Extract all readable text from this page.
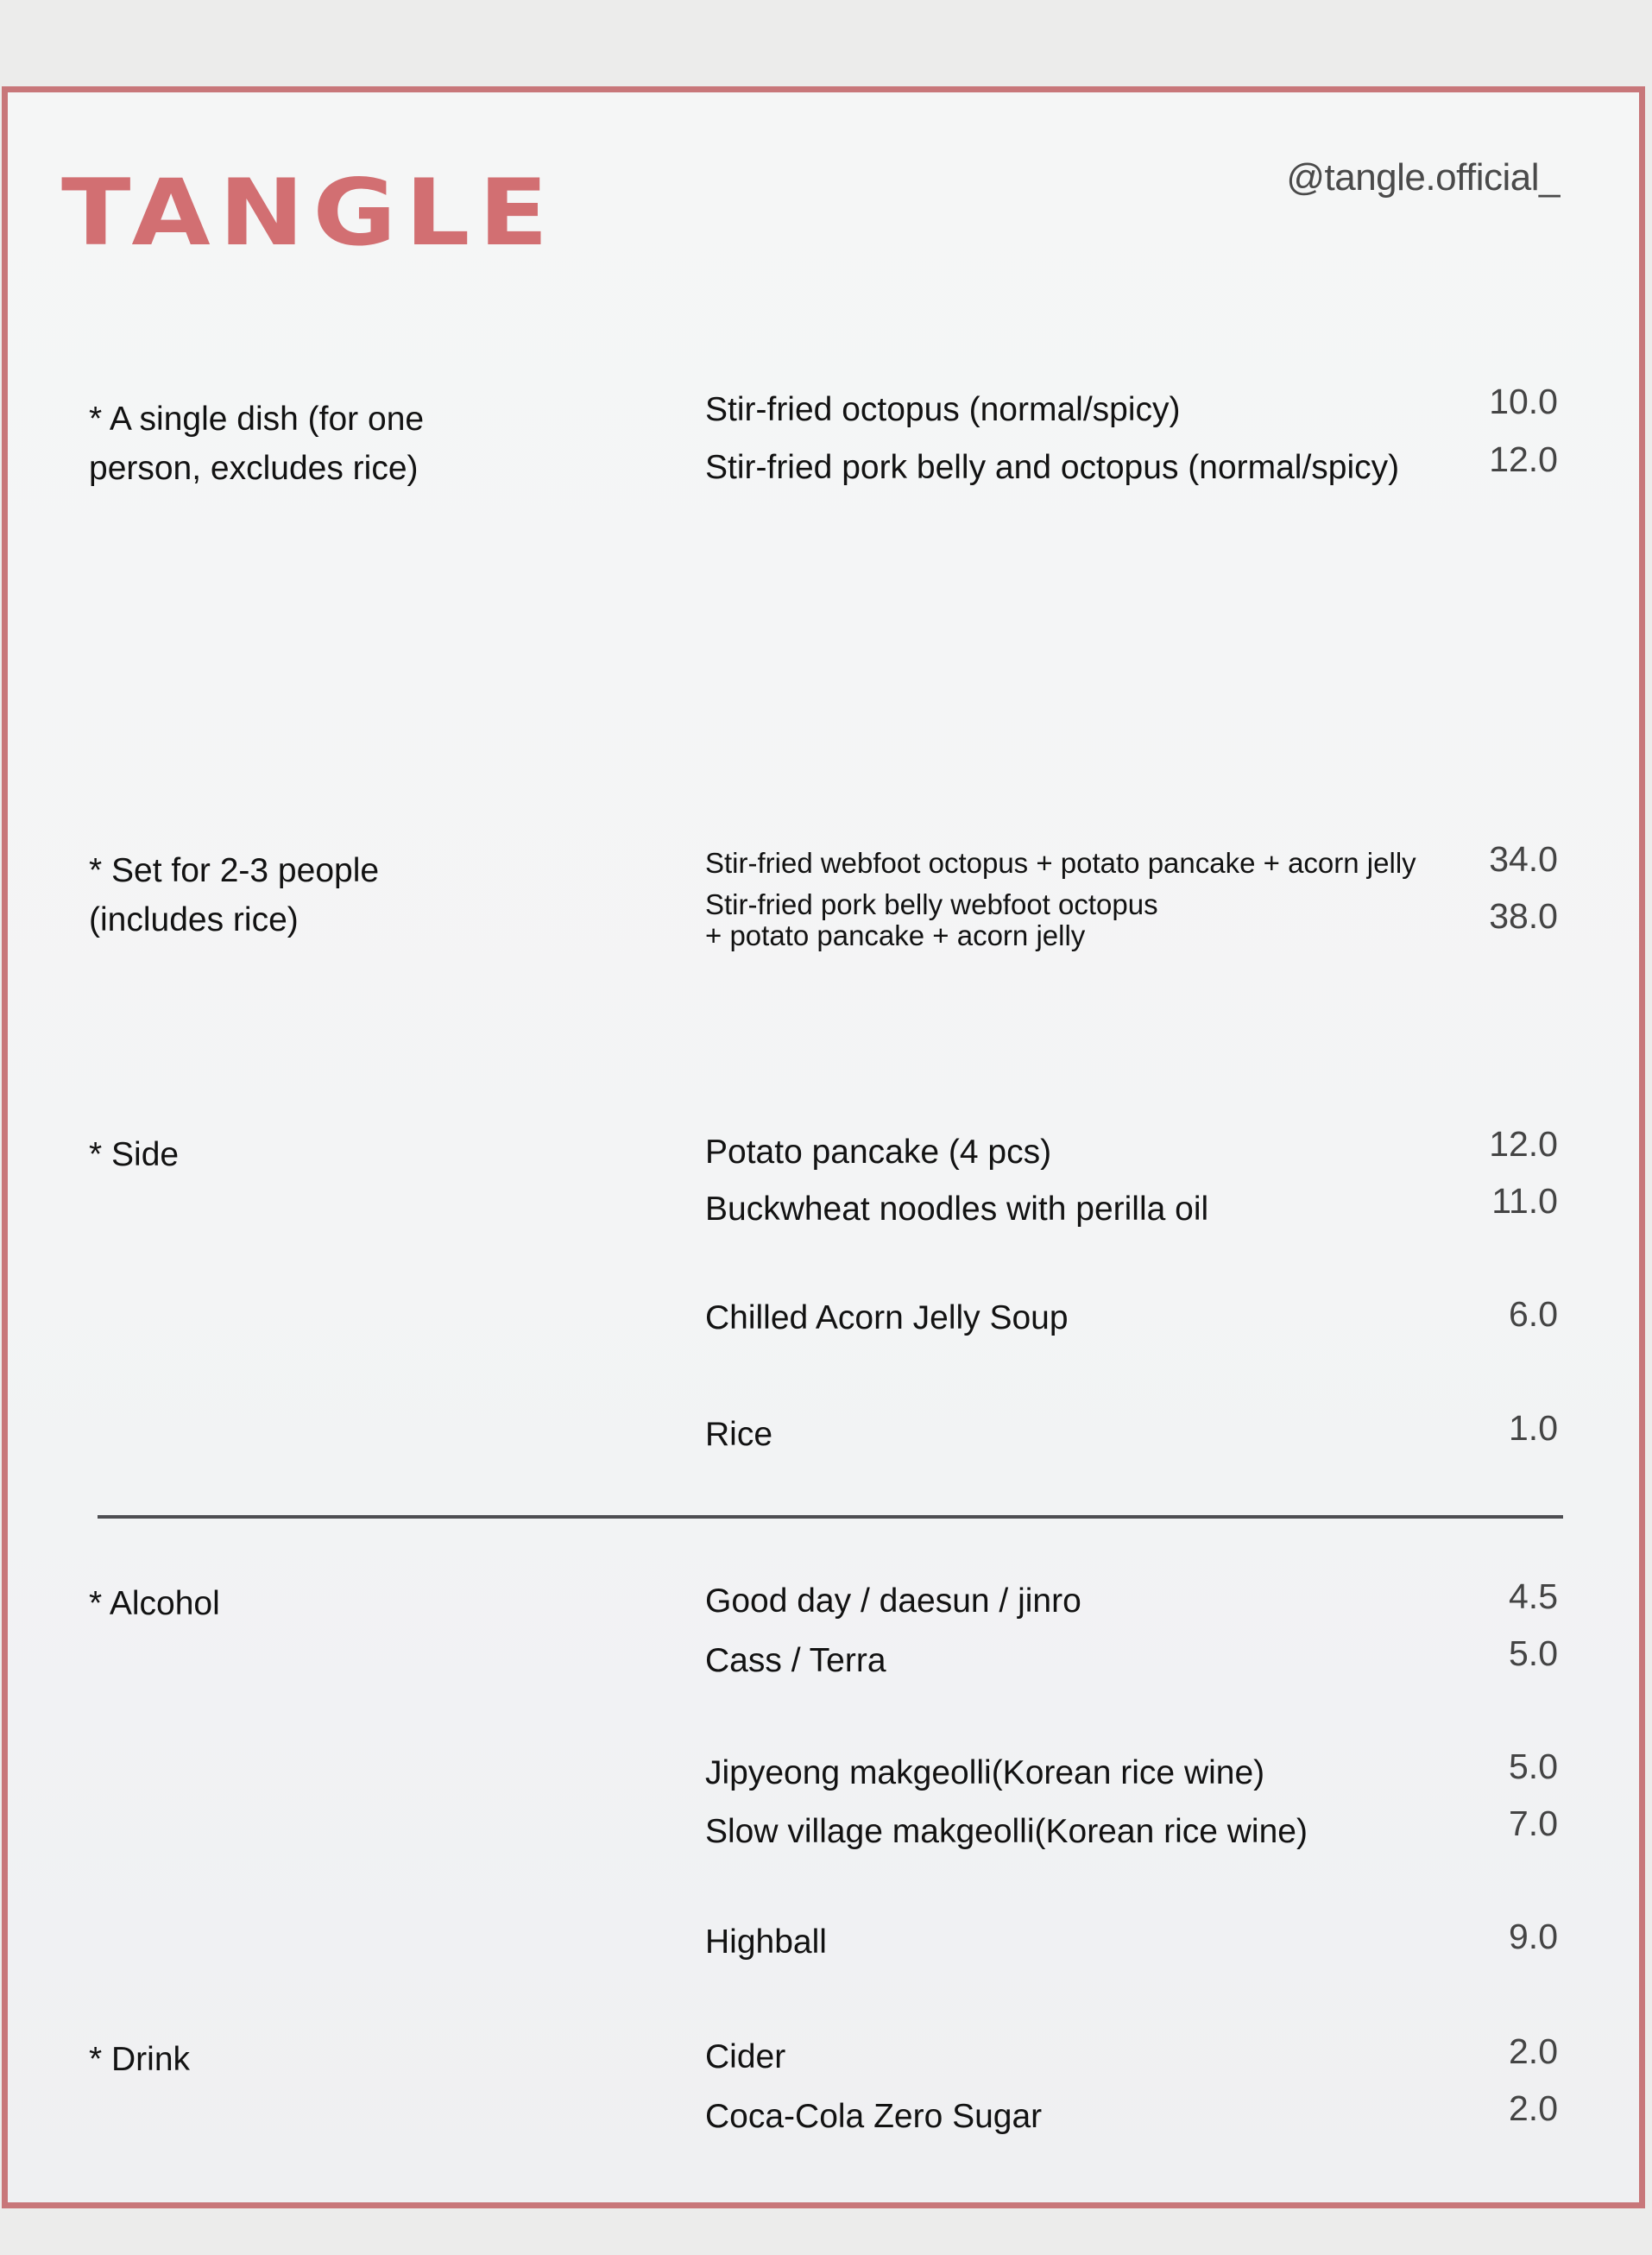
TANGLE	@tangle.official_
* A single dish (for one
person, excludes rice)
Stir-fried octopus (normal/spicy)	10.0
Stir-fried pork belly and octopus (normal/spicy)	12.0
* Set for 2-3 people
(includes rice)
Stir-fried webfoot octopus + potato pancake + acorn jelly 34.0
Stir-fried pork belly webfoot octopus
+ potato pancake + acorn jelly	38.0
* Side	Potato pancake (4 pcs)	12.0
Buckwheat noodles with perilla oil	11.0
Chilled Acorn Jelly Soup	6.0
Rice	1.0
* Alcohol	Good day / daesun / jinro	4.5
Cass / Terra	5.0
Jipyeong makgeolli(Korean rice wine)	5.0
Slow village makgeolli(Korean rice wine)	7.0
Highball	9.0
* Drink	Cider	2.0
Coca-Cola Zero Sugar	2.0
